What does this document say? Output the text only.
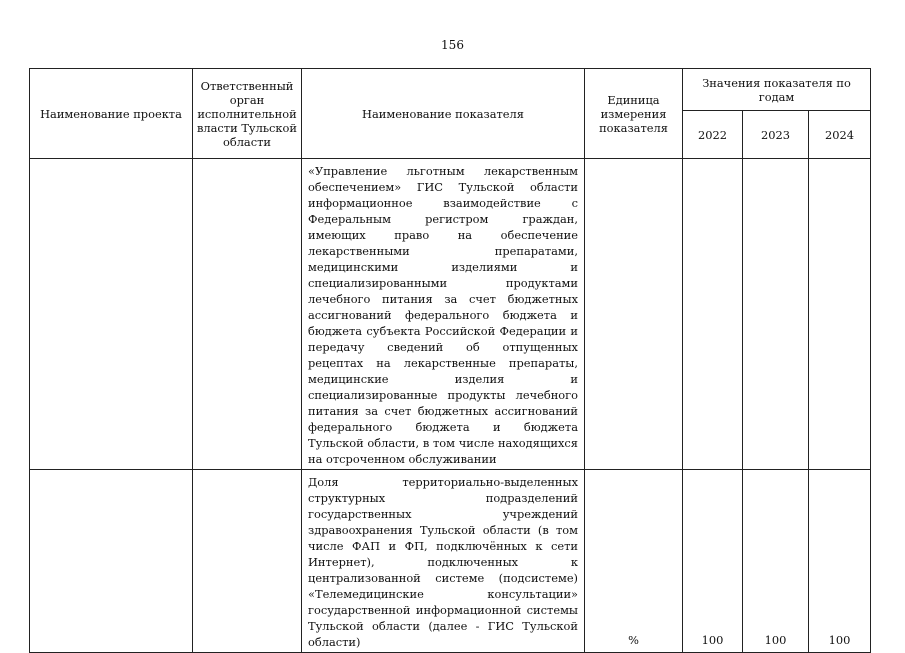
156
Наименование проекта	Ответственный орган исполнительной власти Тульской области	Наименование показателя	Единица измерения показателя	Значения показателя по годам		
				2022	2023	2024
		«Управление льготным лекарственным обеспечением» ГИС Тульской области информационное взаимодействие с Федеральным регистром граждан, имеющих право на обеспечение лекарственными препаратами, медицинскими изделиями и специализированными продуктами лечебного питания за счет бюджетных ассигнований федерального бюджета и бюджета субъекта Российской Федерации и передачу сведений об отпущенных рецептах на лекарственные препараты, медицинские изделия и специализированные продукты лечебного питания за счет бюджетных ассигнований федерального бюджета и бюджета Тульской области, в том числе находящихся на отсроченном обслуживании				
		Доля территориально-выделенных структурных подразделений государственных учреждений здравоохранения Тульской области (в том числе ФАП и ФП, подключённых к сети Интернет), подключенных к централизованной системе (подсистеме) «Телемедицинские консультации» государственной информационной системы Тульской области (далее - ГИС Тульской области)	%	100	100	100
